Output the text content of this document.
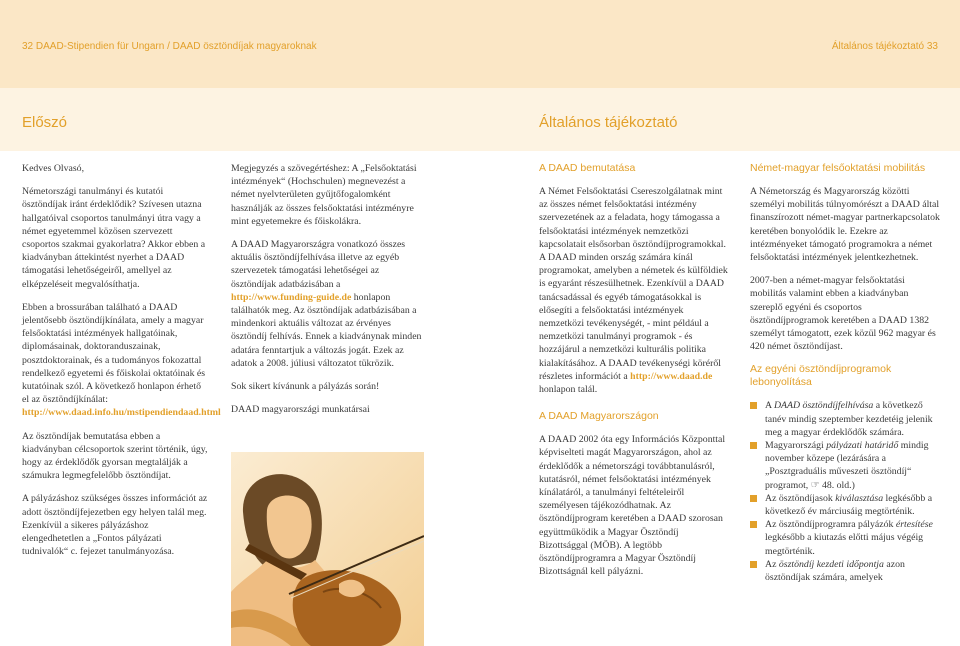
32 DAAD-Stipendien für Ungarn / DAAD ösztöndíjak magyaroknak	Általános tájékoztató 33
Előszó	Általános tájékoztató

Kedves Olvasó,

Németországi tanulmányi és kutatói ösztöndíjak iránt érdeklődik? Szívesen utazna hallgatóival csoportos tanulmányi útra vagy a német egyetemmel közösen szervezett csoportos szakmai gyakorlatra? Akkor ebben a kiadványban áttekintést nyerhet a DAAD támogatási lehetőségeiről, amellyel az elképzeléseit megvalósíthatja.

Ebben a brossurában található a DAAD jelentősebb ösztöndíjkínálata, amely a magyar felsőoktatási intézmények hallgatóinak, diplomásainak, doktoranduszainak, posztdoktorainak, és a tudományos fokozattal rendelkező egyetemi és főiskolai oktatóinak és kutatóinak szól. A következő honlapon érhető el az ösztöndíjkínálat: http://www.daad.info.hu/mstipendiendaad.html

Az ösztöndíjak bemutatása ebben a kiadványban célcsoportok szerint történik, úgy, hogy az érdeklődők gyorsan megtalálják a számukra legmegfelelőbb ösztöndíjat.

A pályázáshoz szükséges összes információt az adott ösztöndíjfejezetben egy helyen talál meg. Ezenkívül a sikeres pályázáshoz elengedhetetlen a „Fontos pályázati tudnivalók“ c. fejezet tanulmányozása.

Megjegyzés a szövegértéshez: A „Felsőoktatási intézmények“ (Hochschulen) megnevezést a német nyelvterületen gyűjtőfogalomként használják az összes felsőoktatási intézményre mint egyetemekre és főiskolákra.

A DAAD Magyarországra vonatkozó összes aktuális ösztöndíjfelhívása illetve az egyéb szervezetek támogatási lehetőségei az ösztöndíjak adatbázisában a http://www.funding-guide.de honlapon találhatók meg. Az ösztöndíjak adatbázisában a mindenkori aktuális változat az érvényes ösztöndíj felhívás. Ennek a kiadványnak minden adatára fenntartjuk a változás jogát. Ezek az adatok a 2008. júliusi változatot tükrözik.

Sok sikert kívánunk a pályázás során!

DAAD magyarországi munkatársai

A DAAD bemutatása

A Német Felsőoktatási Csereszolgálatnak mint az összes német felsőoktatási intézmény szervezetének az a feladata, hogy támogassa a felsőoktatási intézmények nemzetközi kapcsolatait elsősorban ösztöndíjprogramokkal. A DAAD minden ország számára kínál programokat, amelyben a németek és külföldiek is egyaránt részesülhetnek. Ezenkívül a DAAD tanácsadással és egyéb támogatásokkal is elősegíti a felsőoktatási intézmények nemzetközi tevékenységét, - mint például a nemzetközi tanulmányi programok - és hozzájárul a nemzetközi kulturális politika kialakításához. A DAAD tevékenységi köréről részletes információt a http://www.daad.de honlapon talál.

A DAAD Magyarországon

A DAAD 2002 óta egy Információs Központtal képviselteti magát Magyarországon, ahol az érdeklődők a németországi továbbtanulásról, kutatásról, német felsőoktatási intézmények kínálatáról, a tanulmányi feltételeiről személyesen tájékozódhatnak. Az ösztöndíjprogram keretében a DAAD szorosan együttműködik a Magyar Ösztöndíj Bizottsággal (MÖB). A legtöbb ösztöndíjprogramra a Magyar Ösztöndíj Bizottságnál kell pályázni.

Német-magyar felsőoktatási mobilitás

A Németország és Magyarország közötti személyi mobilitás túlnyomórészt a DAAD által finanszírozott német-magyar partnerkapcsolatok keretében bonyolódik le. Ezekre az intézményeket támogató programokra a német felsőoktatási intézmények jelentkezhetnek.

2007-ben a német-magyar felsőoktatási mobilitás valamint ebben a kiadványban szereplő egyéni és csoportos ösztöndíjprogramok keretében a DAAD 1382 személyt támogatott, ezek közül 962 magyar és 420 német ösztöndíjast.

Az egyéni ösztöndíjprogramok lebonyolítása
A DAAD ösztöndíjfelhívása a következő tanév mindig szeptember kezdetéig jelenik meg a magyar érdeklődők számára.
Magyarországi pályázati határidő mindig november közepe (lezárására a „Posztgraduális műveszeti ösztöndíj“ programot, ☞ 48. old.)
Az ösztöndíjasok kiválasztása legkésőbb a következő év márciusáig megtörténik.
Az ösztöndíjprogramra pályázók értesítése legkésőbb a kiutazás előtti május végéig megtörténik.
Az ösztöndíj kezdeti időpontja azon ösztöndíjak számára, amelyek
